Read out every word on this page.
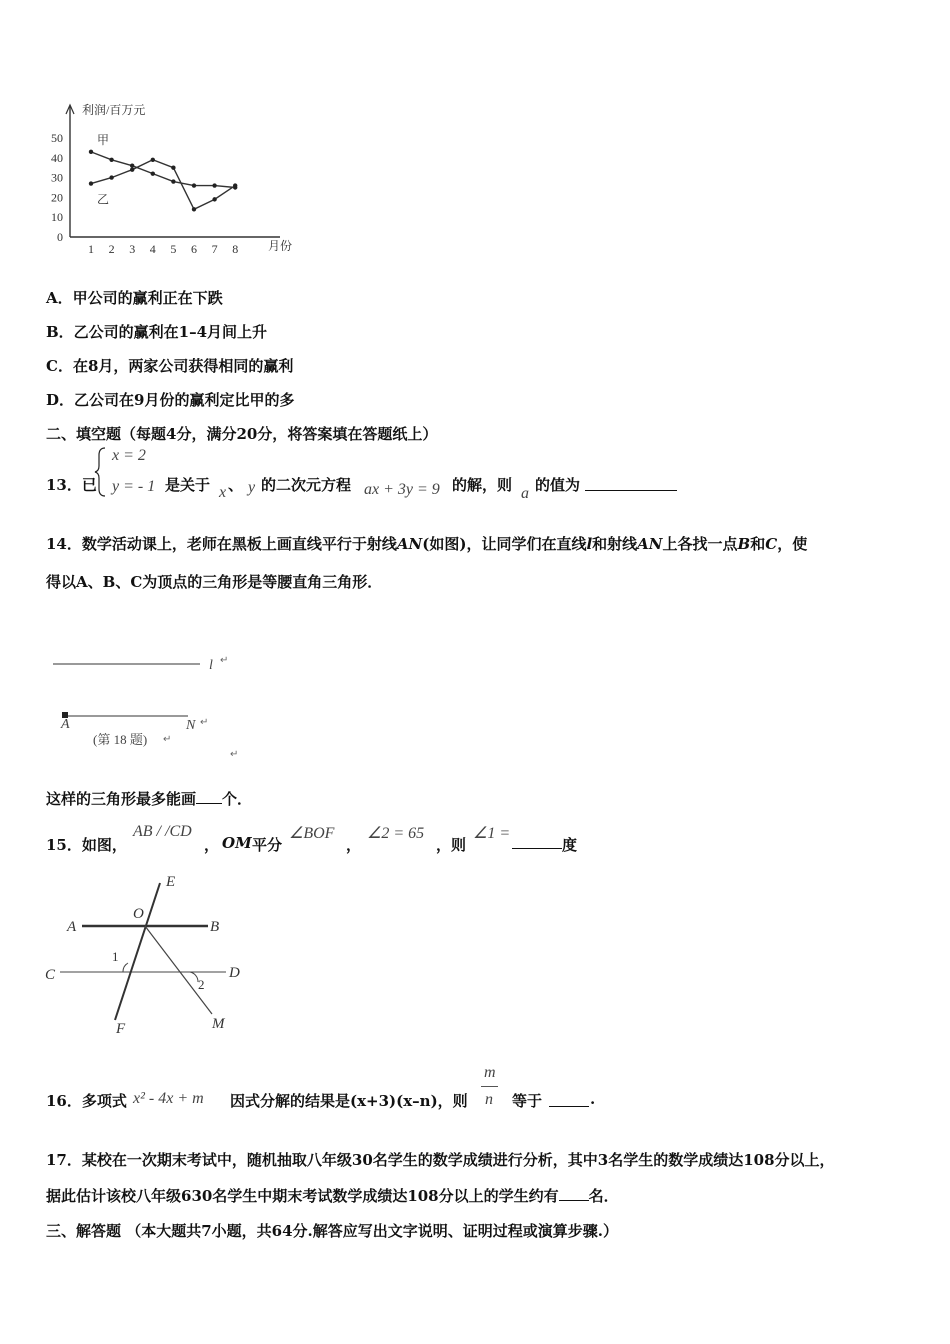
利润/百万元
月份
50
40
30
20
10
0
1 2 3 4 5 6 7 8
甲
乙
A．甲公司的赢利正在下跌
B．乙公司的赢利在1–4月间上升
C．在8月，两家公司获得相同的赢利
D．乙公司在9月份的赢利定比甲的多
二、填空题（每题4分，满分20分，将答案填在答题纸上）
13．已
x = 2
y = - 1 是关于 x 、 y 的二次元方程 ax + 3y = 9 的解，则 a 的值为
14．数学活动课上，老师在黑板上画直线平行于射线AN(如图)，让同学们在直线l和射线AN上各找一点B和C，使
得以A、B、C为顶点的三角形是等腰直角三角形．
l ↵
A	N ↵
(第 18 题) ↵
↵
这样的三角形最多能画 个．
15．如图，
AB / /CD
， OM 平分
∠BOF
，
∠2 = 65
，则
∠1 =
度
E
O
A	B
C	D
F	M
1
2
16．多项式 x² - 4x + m 因式分解的结果是(x+3)(x–n)，则
m
n 等于	.
17．某校在一次期末考试中，随机抽取八年级30名学生的数学成绩进行分析，其中3名学生的数学成绩达108分以上，
据此估计该校八年级630名学生中期末考试数学成绩达108分以上的学生约有 名．
三、解答题 （本大题共7小题，共64分.解答应写出文字说明、证明过程或演算步骤.）
